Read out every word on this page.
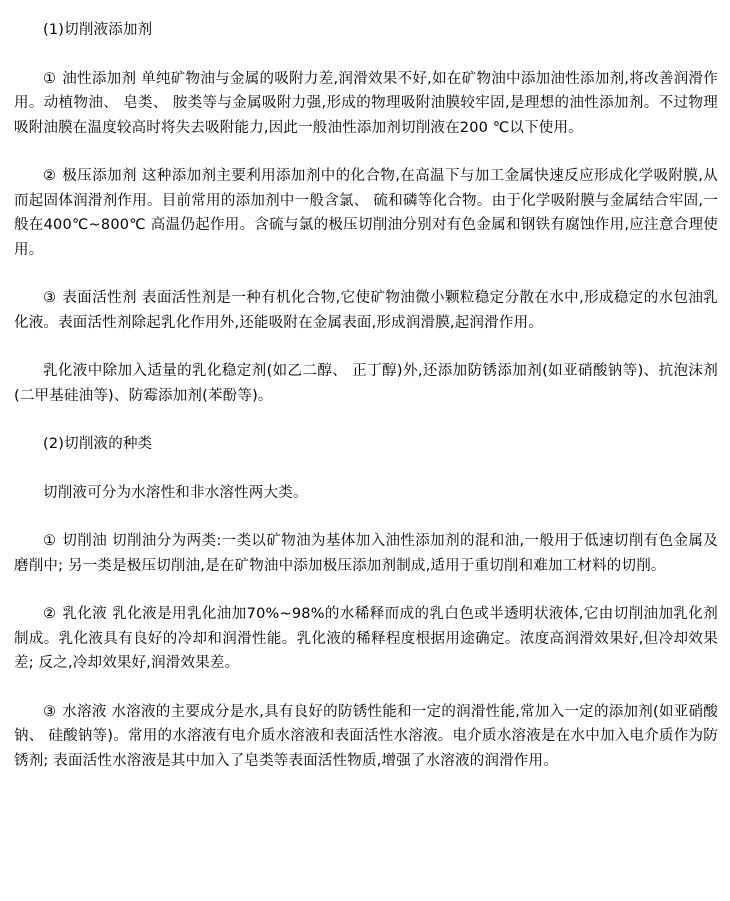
(1)切削液添加剂

① 油性添加剂 单纯矿物油与金属的吸附力差,润滑效果不好,如在矿物油中添加油性添加剂,将改善润滑作用。动植物油、 皂类、 胺类等与金属吸附力强,形成的物理吸附油膜较牢固,是理想的油性添加剂。不过物理吸附油膜在温度较高时将失去吸附能力,因此一般油性添加剂切削液在200 ℃以下使用。

② 极压添加剂 这种添加剂主要利用添加剂中的化合物,在高温下与加工金属快速反应形成化学吸附膜,从而起固体润滑剂作用。目前常用的添加剂中一般含氯、 硫和磷等化合物。由于化学吸附膜与金属结合牢固,一般在400℃~800℃ 高温仍起作用。含硫与氯的极压切削油分别对有色金属和钢铁有腐蚀作用,应注意合理使用。

③ 表面活性剂 表面活性剂是一种有机化合物,它使矿物油微小颗粒稳定分散在水中,形成稳定的水包油乳化液。表面活性剂除起乳化作用外,还能吸附在金属表面,形成润滑膜,起润滑作用。

乳化液中除加入适量的乳化稳定剂(如乙二醇、 正丁醇)外,还添加防锈添加剂(如亚硝酸钠等)、抗泡沫剂(二甲基硅油等)、防霉添加剂(苯酚等)。

(2)切削液的种类

切削液可分为水溶性和非水溶性两大类。

① 切削油 切削油分为两类:一类以矿物油为基体加入油性添加剂的混和油,一般用于低速切削有色金属及磨削中; 另一类是极压切削油,是在矿物油中添加极压添加剂制成,适用于重切削和难加工材料的切削。

② 乳化液 乳化液是用乳化油加70%~98%的水稀释而成的乳白色或半透明状液体,它由切削油加乳化剂制成。乳化液具有良好的冷却和润滑性能。乳化液的稀释程度根据用途确定。浓度高润滑效果好,但冷却效果差; 反之,冷却效果好,润滑效果差。

③ 水溶液 水溶液的主要成分是水,具有良好的防锈性能和一定的润滑性能,常加入一定的添加剂(如亚硝酸钠、 硅酸钠等)。常用的水溶液有电介质水溶液和表面活性水溶液。电介质水溶液是在水中加入电介质作为防锈剂; 表面活性水溶液是其中加入了皂类等表面活性物质,增强了水溶液的润滑作用。
